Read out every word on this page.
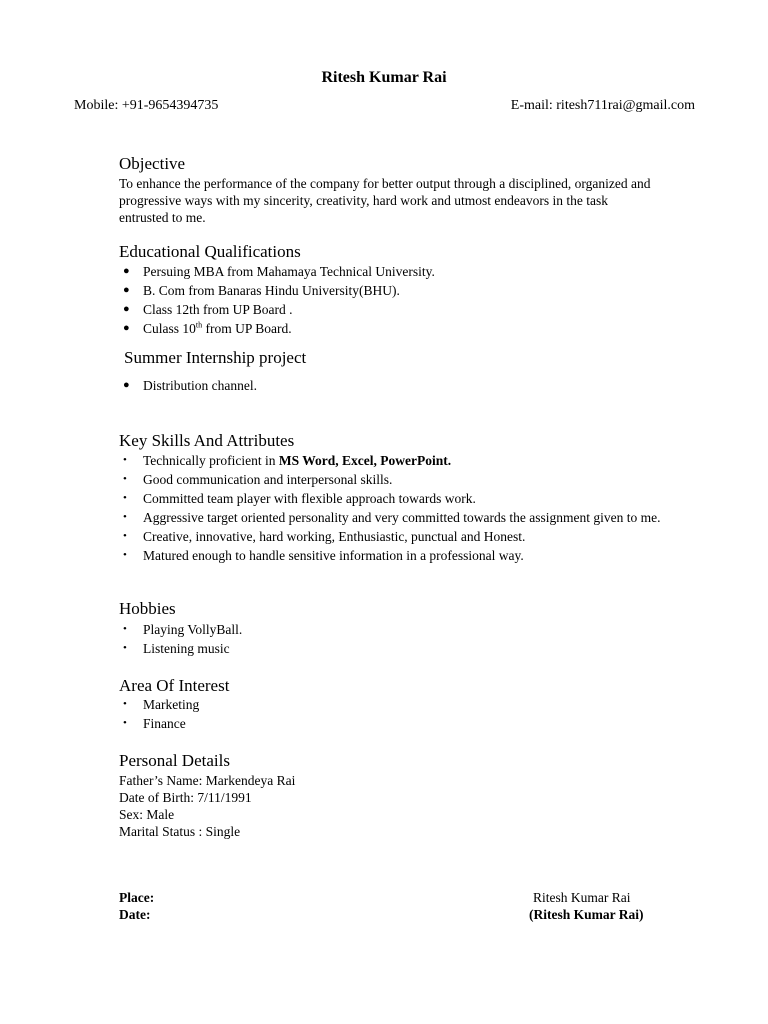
Ritesh Kumar Rai
Mobile: +91-9654394735	E-mail: ritesh711rai@gmail.com
Objective
To enhance the performance of the company for better output through a disciplined, organized and progressive ways with my sincerity, creativity, hard work and utmost endeavors in the task entrusted to me.
Educational Qualifications
● Persuing MBA from Mahamaya Technical University.
● B. Com from Banaras Hindu University(BHU).
● Class 12th from UP Board .
● Culass 10th from UP Board.
Summer Internship project
● Distribution channel.
Key Skills And Attributes
• Technically proficient in MS Word, Excel, PowerPoint.
• Good communication and interpersonal skills.
• Committed team player with flexible approach towards work.
• Aggressive target oriented personality and very committed towards the assignment given to me.
• Creative, innovative, hard working, Enthusiastic, punctual and Honest.
• Matured enough to handle sensitive information in a professional way.
Hobbies
• Playing VollyBall.
• Listening music
Area Of Interest
• Marketing
• Finance
Personal Details
Father’s Name: Markendeya Rai
Date of Birth: 7/11/1991
Sex: Male
Marital Status : Single
Place:
Date:
Ritesh Kumar Rai
(Ritesh Kumar Rai)
